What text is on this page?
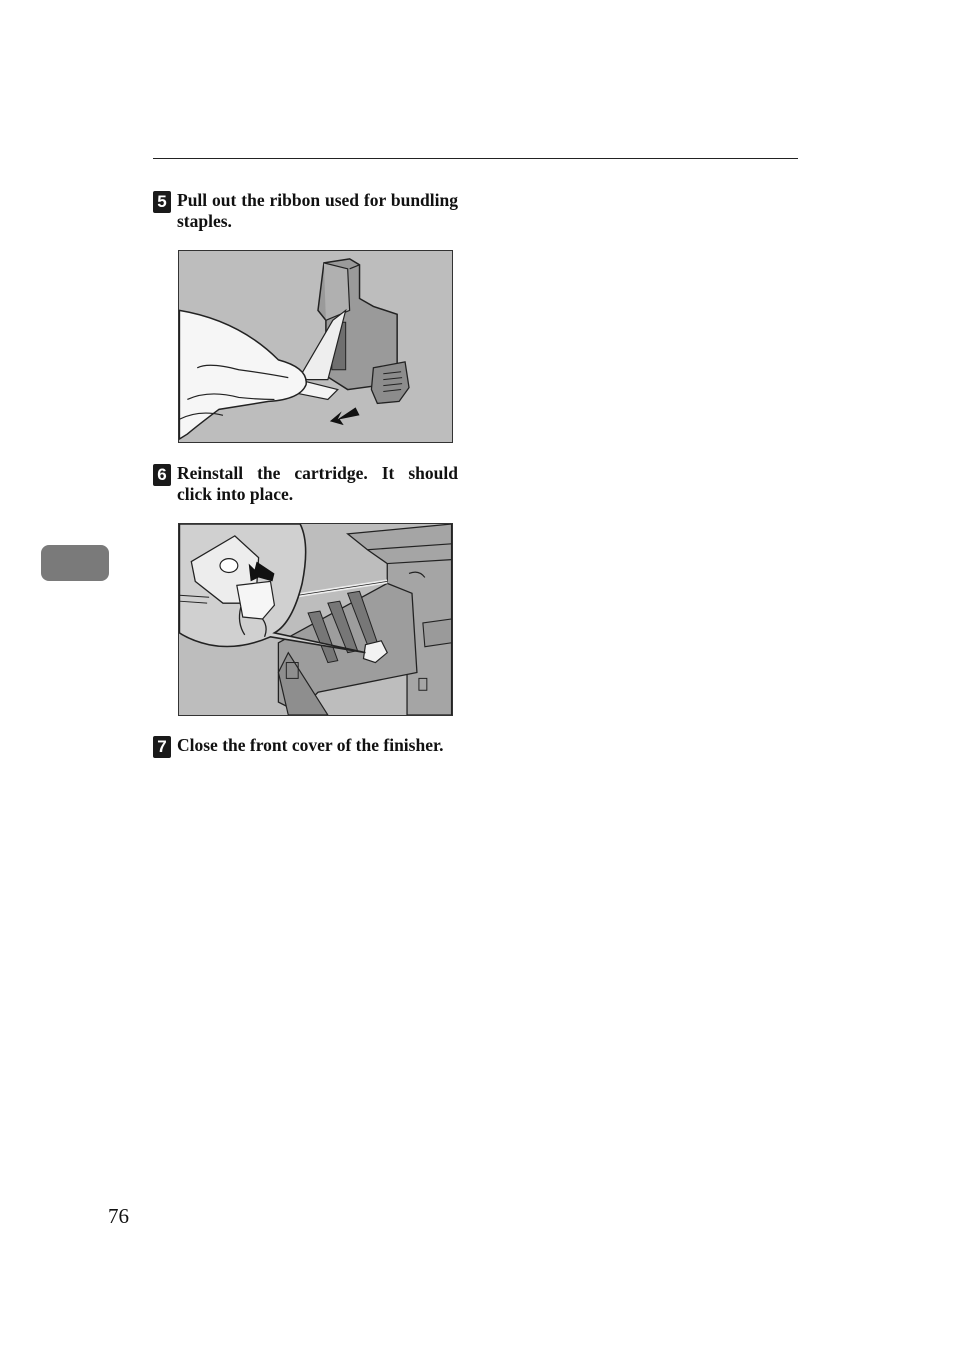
5 Pull out the ribbon used for bundling staples.
6 Reinstall the cartridge. It should click into place.
7 Close the front cover of the finisher.
76
